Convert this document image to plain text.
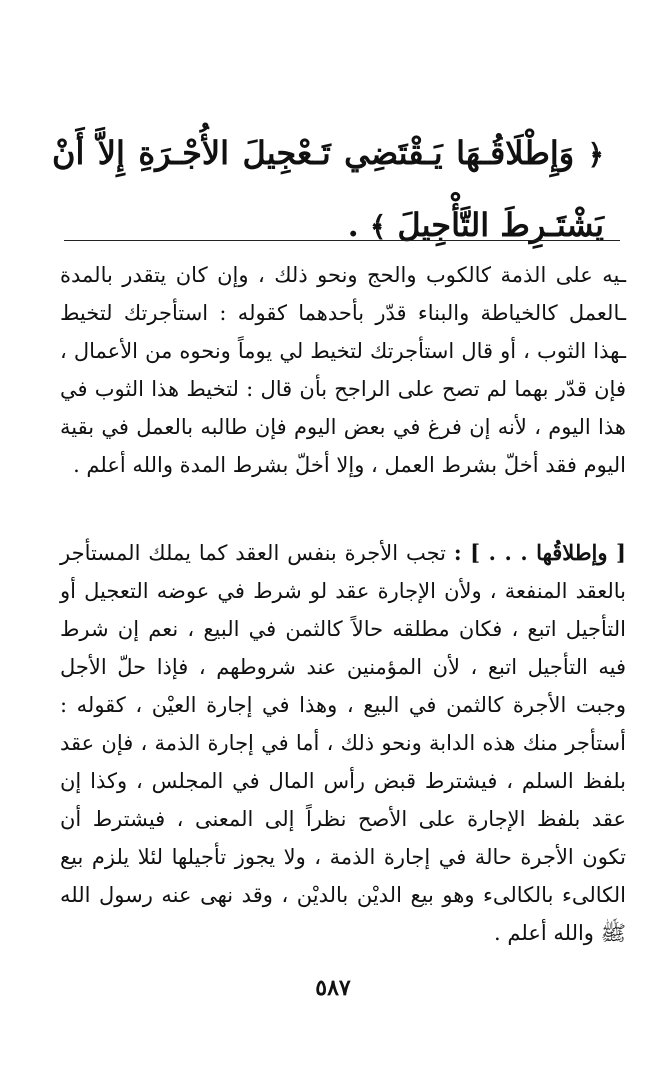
﴿ وَإِطْلَاقُـهَا يَـقْتَضِي تَـعْجِيلَ الأُجْـرَةِ إِلاَّ أَنْ يَشْتَـرِطَ التَّأْجِيلَ ﴾ .

ـيه على الذمة كالكوب والحج ونحو ذلك ، وإن كان يتقدر بالمدة ـالعمل كالخياطة والبناء قدّر بأحدهما كقوله : استأجرتك لتخيط ـهذا الثوب ، أو قال استأجرتك لتخيط لي يوماً ونحوه من الأعمال ، فإن قدّر بهما لم تصح على الراجح بأن قال : لتخيط هذا الثوب في هذا اليوم ، لأنه إن فرغ في بعض اليوم فإن طالبه بالعمل في بقية اليوم فقد أخلّ بشرط العمل ، وإلا أخلّ بشرط المدة والله أعلم .

[ وإطلاقُها . . . ] : تجب الأجرة بنفس العقد كما يملك المستأجر بالعقد المنفعة ، ولأن الإجارة عقد لو شرط في عوضه التعجيل أو التأجيل اتبع ، فكان مطلقه حالاً كالثمن في البيع ، نعم إن شرط فيه التأجيل اتبع ، لأن المؤمنين عند شروطهم ، فإذا حلّ الأجل وجبت الأجرة كالثمن في البيع ، وهذا في إجارة العيْن ، كقوله : أستأجر منك هذه الدابة ونحو ذلك ، أما في إجارة الذمة ، فإن عقد بلفظ السلم ، فيشترط قبض رأس المال في المجلس ، وكذا إن عقد بلفظ الإجارة على الأصح نظراً إلى المعنى ، فيشترط أن تكون الأجرة حالة في إجارة الذمة ، ولا يجوز تأجيلها لئلا يلزم بيع الكالىء بالكالىء وهو بيع الديْن بالديْن ، وقد نهى عنه رسول الله ﷺ والله أعلم .

٥٨٧
